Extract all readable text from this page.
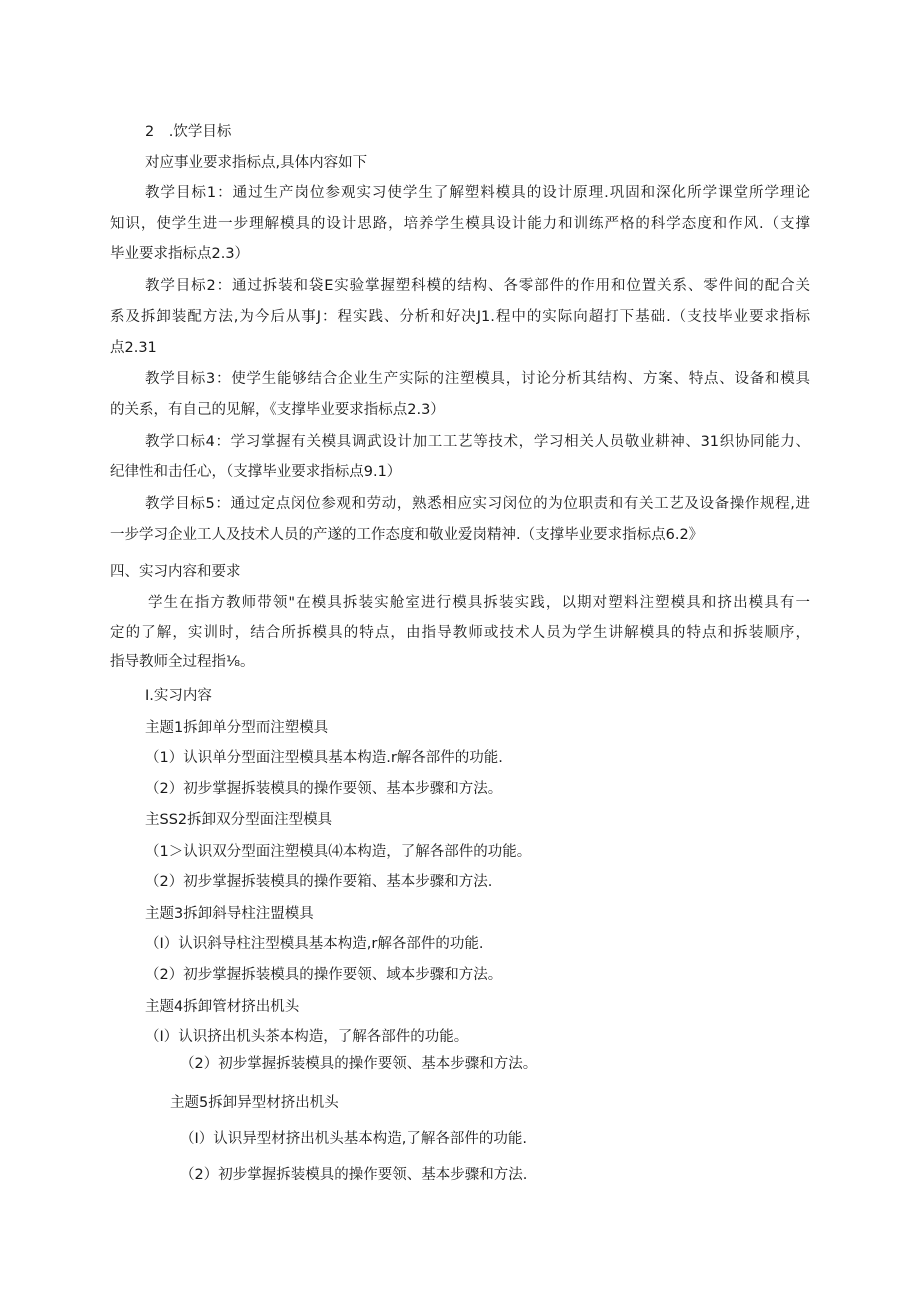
2　.饮学目标
对应事业要求指标点,具体内容如下
教学目标1：通过生产岗位参观实习使学生了解塑料模具的设计原理.巩固和深化所学课堂所学理论
知识，使学生进一步理解模具的设计思路，培养学生模具设计能力和训练严格的科学态度和作风.（支撑
毕业要求指标点2.3）
教学目标2：通过拆装和袋E实验掌握塑科模的结构、各零部件的作用和位置关系、零件间的配合关
系及拆卸装配方法,为今后从事J：程实践、分析和好决J1.程中的实际向超打下基础.（支技毕业要求指标
点2.31
教学目标3：使学生能够结合企业生产实际的注塑模具，讨论分析其结构、方案、特点、设备和模具
的关系，有自己的见解，《支撑毕业要求指标点2.3）
教学口标4：学习掌握有关模具调武设计加工工艺等技术，学习相关人员敬业耕神、31织协同能力、
纪律性和击任心，（支撑毕业要求指标点9.1）
教学目标5：通过定点闵位参观和劳动，熟悉相应实习闵位的为位职责和有关工艺及设备操作规程,进
一步学习企业工人及技术人员的产遂的工作态度和敬业爱岗精神.（支撑毕业要求指标点6.2》
四、实习内容和要求
学生在指方教师带领"在模具拆装实舱室进行模具拆装实践，以期对塑料注塑模具和挤出模具有一
定的了解，实训时，结合所拆模具的特点，由指导教师或技术人员为学生讲解模具的特点和拆装顺序，
指导教师全过程指⅛。
I.实习内容
主题1拆卸单分型而注塑模具
（1）认识单分型面注型模具基本构造.r解各部件的功能.
（2）初步掌握拆装模具的操作要领、基本步骤和方法。
主SS2拆卸双分型面注型模具
（1＞认识双分型面注塑模具⑷本构造，了解各部件的功能。
（2）初步掌握拆装模具的操作要箱、基本步骤和方法.
主题3拆卸斜导柱注盟模具
（I）认识斜导柱注型模具基本构造,r解各部件的功能.
（2）初步掌握拆装模具的操作要领、域本步骤和方法。
主题4拆卸管材挤出机头
（I）认识挤出机头茶本构造，了解各部件的功能。
（2）初步掌握拆装模具的操作要领、基本步骤和方法。
主题5拆卸异型材挤出机头
（I）认识异型材挤出机头基本构造,了解各部件的功能.
（2）初步掌握拆装模具的操作要领、基本步骤和方法.
